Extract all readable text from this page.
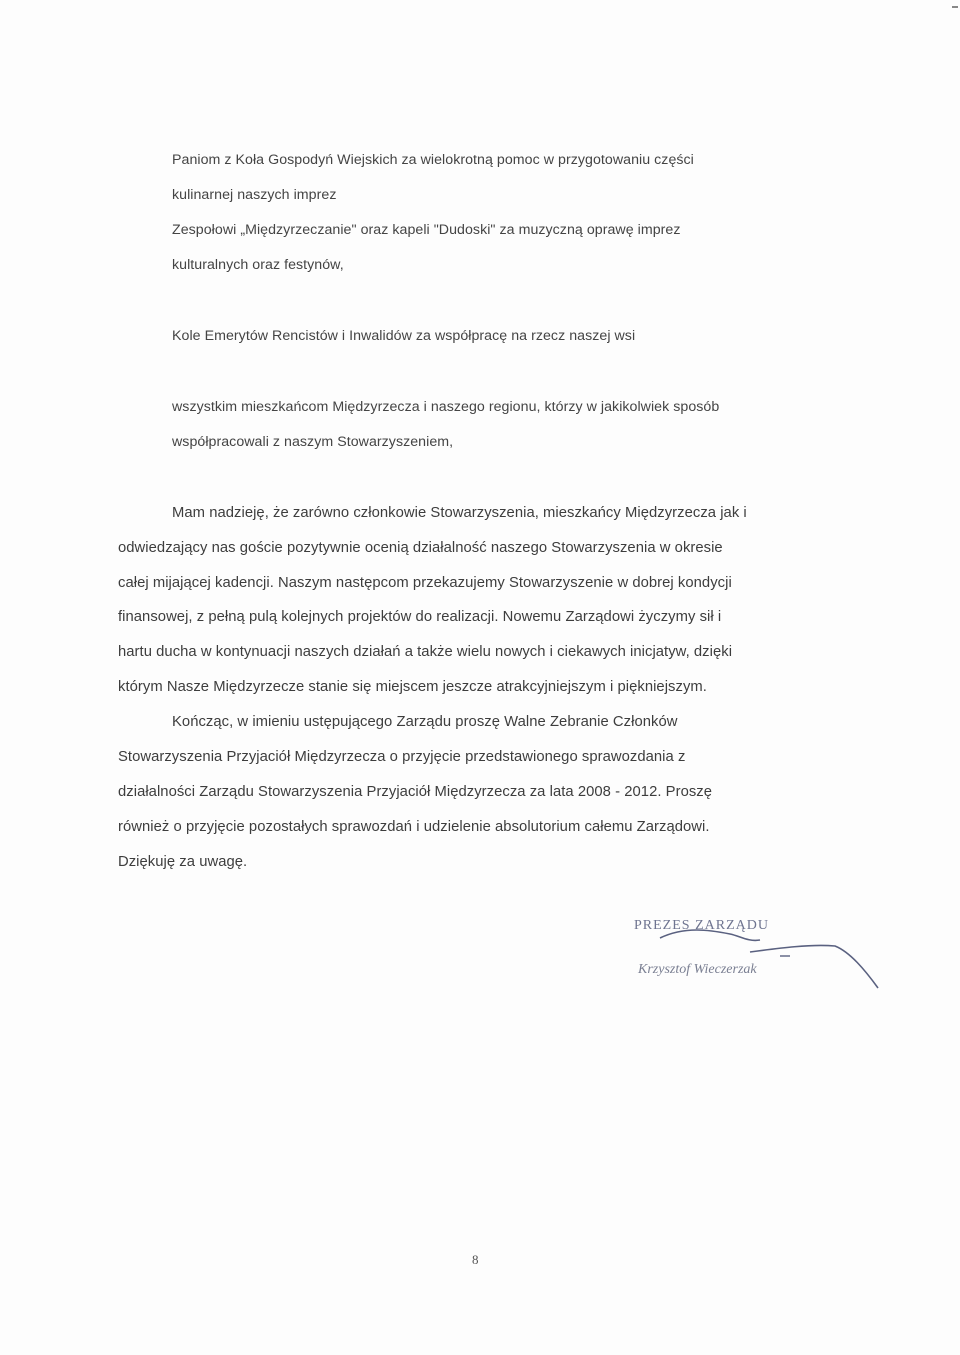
Paniom z Koła Gospodyń Wiejskich za wielokrotną pomoc w przygotowaniu części
kulinarnej naszych imprez
Zespołowi „Międzyrzeczanie" oraz kapeli "Dudoski" za muzyczną oprawę imprez
kulturalnych oraz festynów,
Kole Emerytów Rencistów i Inwalidów za współpracę na rzecz naszej wsi
wszystkim mieszkańcom Międzyrzecza i naszego regionu, którzy w jakikolwiek sposób
współpracowali z naszym Stowarzyszeniem,
Mam nadzieję, że zarówno członkowie Stowarzyszenia, mieszkańcy Międzyrzecza jak i
odwiedzający nas goście pozytywnie ocenią działalność naszego Stowarzyszenia w okresie
całej mijającej kadencji. Naszym następcom przekazujemy Stowarzyszenie w dobrej kondycji
finansowej, z pełną pulą kolejnych projektów do realizacji. Nowemu Zarządowi życzymy sił i
hartu ducha w kontynuacji naszych działań a także wielu nowych i ciekawych inicjatyw, dzięki
którym Nasze Międzyrzecze stanie się miejscem jeszcze atrakcyjniejszym i piękniejszym.
Kończąc, w imieniu ustępującego Zarządu proszę Walne Zebranie Członków
Stowarzyszenia Przyjaciół Międzyrzecza o przyjęcie przedstawionego sprawozdania z
działalności Zarządu Stowarzyszenia Przyjaciół Międzyrzecza za lata 2008 - 2012. Proszę
również o przyjęcie pozostałych sprawozdań i udzielenie absolutorium całemu Zarządowi.
Dziękuję za uwagę.
PREZES ZARZĄDU
Krzysztof Wieczerzak
8
